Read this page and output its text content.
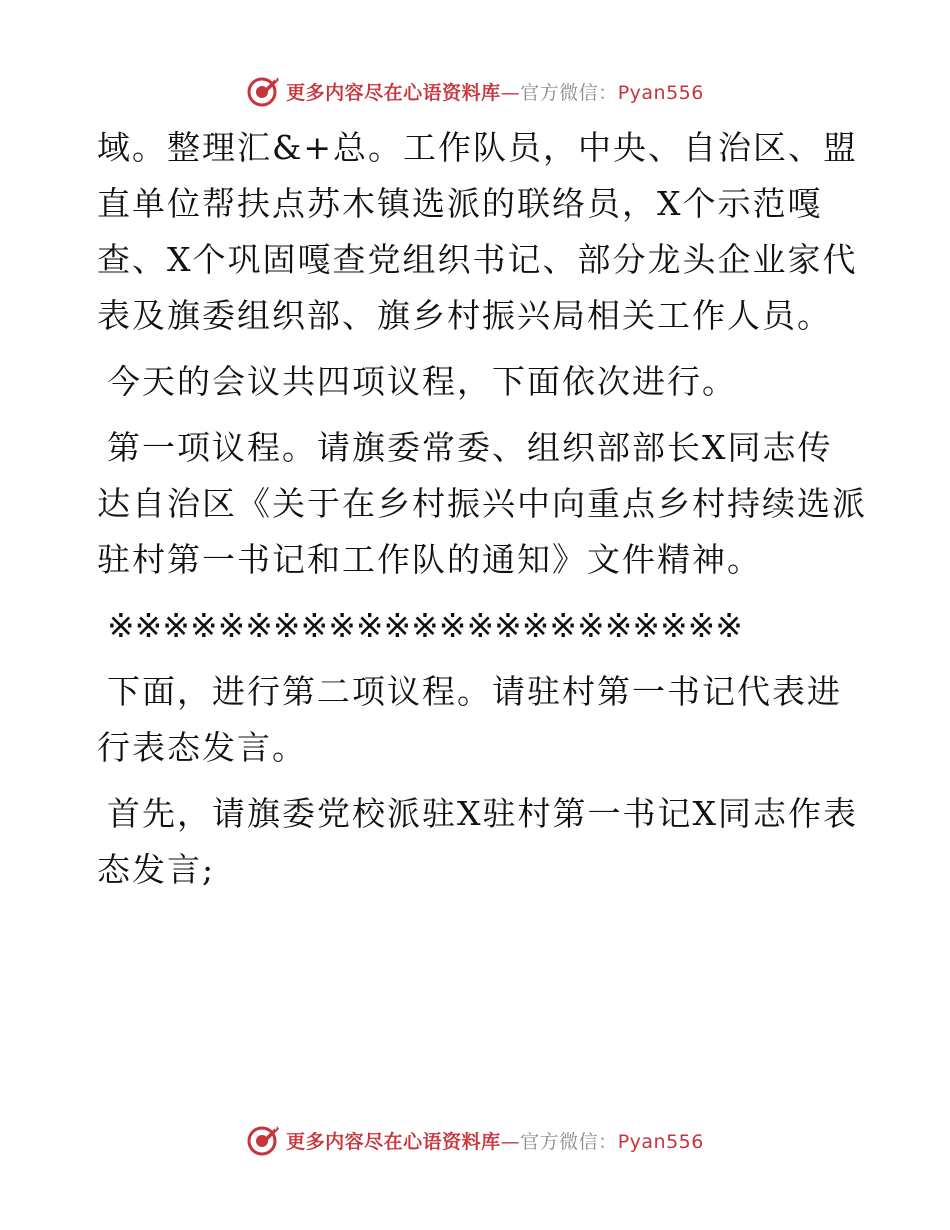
更多内容尽在心语资料库—官方微信：Pyan556

域。整理汇&+总。工作队员，中央、自治区、盟直单位帮扶点苏木镇选派的联络员，X个示范嘎查、X个巩固嘎查党组织书记、部分龙头企业家代表及旗委组织部、旗乡村振兴局相关工作人员。

今天的会议共四项议程，下面依次进行。

第一项议程。请旗委常委、组织部部长X同志传达自治区《关于在乡村振兴中向重点乡村持续选派驻村第一书记和工作队的通知》文件精神。

※※※※※※※※※※※※※※※※※※※※※※※

下面，进行第二项议程。请驻村第一书记代表进行表态发言。

首先，请旗委党校派驻X驻村第一书记X同志作表态发言;

更多内容尽在心语资料库—官方微信：Pyan556
